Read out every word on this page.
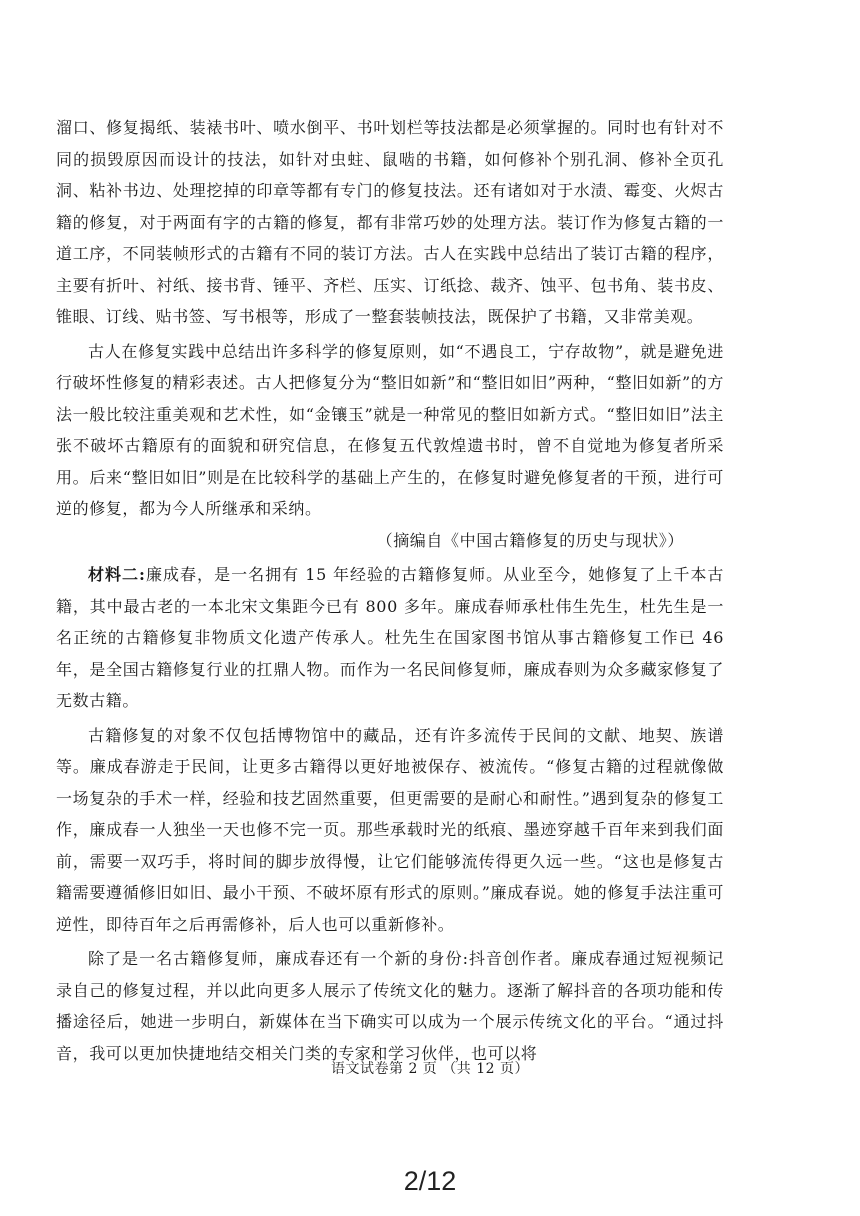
溜口、修复揭纸、装裱书叶、喷水倒平、书叶划栏等技法都是必须掌握的。同时也有针对不同的损毁原因而设计的技法，如针对虫蛀、鼠啮的书籍，如何修补个别孔洞、修补全页孔洞、粘补书边、处理挖掉的印章等都有专门的修复技法。还有诸如对于水渍、霉变、火烬古籍的修复，对于两面有字的古籍的修复，都有非常巧妙的处理方法。装订作为修复古籍的一道工序，不同装帧形式的古籍有不同的装订方法。古人在实践中总结出了装订古籍的程序，主要有折叶、衬纸、接书背、锤平、齐栏、压实、订纸捻、裁齐、蚀平、包书角、装书皮、锥眼、订线、贴书签、写书根等，形成了一整套装帧技法，既保护了书籍，又非常美观。

古人在修复实践中总结出许多科学的修复原则，如“不遇良工，宁存故物”，就是避免进行破坏性修复的精彩表述。古人把修复分为“整旧如新”和“整旧如旧”两种，“整旧如新”的方法一般比较注重美观和艺术性，如“金镶玉”就是一种常见的整旧如新方式。“整旧如旧”法主张不破坏古籍原有的面貌和研究信息，在修复五代敦煌遗书时，曾不自觉地为修复者所采用。后来“整旧如旧”则是在比较科学的基础上产生的，在修复时避免修复者的干预，进行可逆的修复，都为今人所继承和采纳。

（摘编自《中国古籍修复的历史与现状》）

材料二:廉成春，是一名拥有 15 年经验的古籍修复师。从业至今，她修复了上千本古籍，其中最古老的一本北宋文集距今已有 800 多年。廉成春师承杜伟生先生，杜先生是一名正统的古籍修复非物质文化遗产传承人。杜先生在国家图书馆从事古籍修复工作已 46 年，是全国古籍修复行业的扛鼎人物。而作为一名民间修复师，廉成春则为众多藏家修复了无数古籍。

古籍修复的对象不仅包括博物馆中的藏品，还有许多流传于民间的文献、地契、族谱等。廉成春游走于民间，让更多古籍得以更好地被保存、被流传。“修复古籍的过程就像做一场复杂的手术一样，经验和技艺固然重要，但更需要的是耐心和耐性。”遇到复杂的修复工作，廉成春一人独坐一天也修不完一页。那些承载时光的纸痕、墨迹穿越千百年来到我们面前，需要一双巧手，将时间的脚步放得慢，让它们能够流传得更久远一些。“这也是修复古籍需要遵循修旧如旧、最小干预、不破坏原有形式的原则。”廉成春说。她的修复手法注重可逆性，即待百年之后再需修补，后人也可以重新修补。

除了是一名古籍修复师，廉成春还有一个新的身份:抖音创作者。廉成春通过短视频记录自己的修复过程，并以此向更多人展示了传统文化的魅力。逐渐了解抖音的各项功能和传播途径后，她进一步明白，新媒体在当下确实可以成为一个展示传统文化的平台。“通过抖音，我可以更加快捷地结交相关门类的专家和学习伙伴，也可以将

语文试卷第 2 页 （共 12 页）
2/12
